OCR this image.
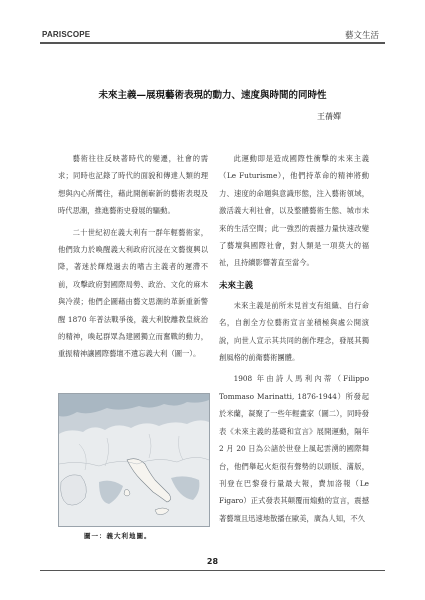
PARISCOPE	藝文生活
未來主義—展現藝術表現的動力、速度與時間的同時性
王蒨嬋

藝術往往反映著時代的變遷，社會的需求；同時也記錄了時代的面貌和傳達人類的理想與內心所嚮往，藉此開創嶄新的藝術表現及時代思潮，推進藝術史發展的驅動。

二十世紀初在義大利有一群年輕藝術家，他們致力於喚醒義大利政府沉浸在文藝復興以降，著迷於輝煌過去的嗜古主義者的遲滯不前，攻擊政府對國際局勢、政治、文化的麻木與冷漠；他們企圖藉由藝文思潮的革新重新警醒 1870 年普法戰爭後，義大利脫離教皇統治的精神，喚起群眾為建國獨立而奮戰的動力，重振精神讓國際藝壇不遺忘義大利（圖一）。

圖一：義大利地圖。

此運動即是造成國際性衝擊的未來主義（Le Futurisme），他們持革命的精神將動力、速度的命題與意識形態，注入藝術領域，激活義大利社會，以及整體藝術生態、城市未來的生活空間；此一強烈的震撼力量快速改變了藝壇與國際社會，對人類是一項莫大的福祉，且持續影響著直至當今。

未來主義

未來主義是前所未見首支有組織、自行命名，自創全方位藝術宣言並積極與處公開演說，向世人宣示其共同的創作理念，發展其獨創風格的前衛藝術團體。

1908 年由詩人馬利內蒂（Filippo Tommaso Marinatti, 1876-1944）所發起於米蘭，凝聚了一些年輕畫家（圖二），同時發表《未來主義的基礎和宣言》展開運動，隔年 2 月 20 日為公諸於世登上風起雲湧的國際舞台，他們舉起火炬很有聲勢的以頭版、滿版，刊登在巴黎發行量最大報，費加洛報（Le Figaro）正式發表其顛覆而煽動的宣言，震撼著藝壇且迅速地散播在歐美，廣為人知，不久

28
